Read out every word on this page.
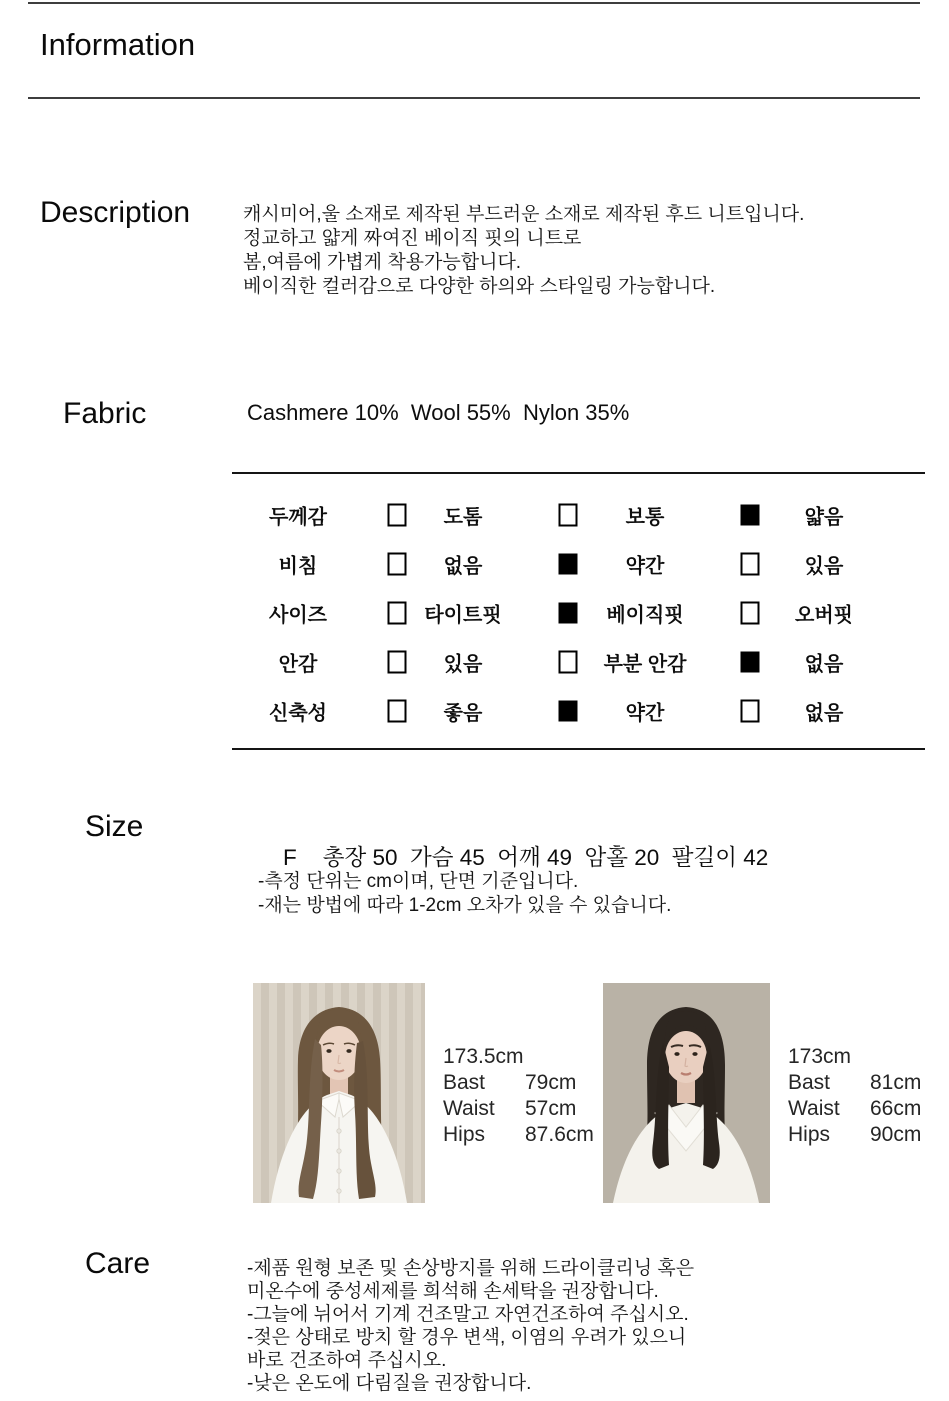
Information
Description	캐시미어,울 소재로 제작된 부드러운 소재로 제작된 후드 니트입니다.

정교하고 얇게 짜여진 베이직 핏의 니트로

봄,여름에 가볍게 착용가능합니다.

베이직한 컬러감으로 다양한 하의와 스타일링 가능합니다.

Fabric	Cashmere 10%  Wool 55%  Nylon 35%
두께감	도톰	보통	얇음
비침	없음	약간	있음
사이즈	타이트핏	베이직핏	오버핏
안감	있음	부분 안감	없음
신축성	좋음	약간	없음
Size

F 총장 50  가슴 45  어깨 49  암홀 20  팔길이 42

-측정 단위는 cm이며, 단면 기준입니다.

-재는 방법에 따라 1-2cm 오차가 있을 수 있습니다.

173.5cm

Bast	79cm

Waist	57cm

Hips	87.6cm

173cm

Bast	81cm

Waist	66cm

Hips	90cm

Care	-제품 원형 보존 및 손상방지를 위해 드라이클리닝 혹은

미온수에 중성세제를 희석해 손세탁을 권장합니다.

-그늘에 뉘어서 기계 건조말고 자연건조하여 주십시오.

-젖은 상태로 방치 할 경우 변색, 이염의 우려가 있으니

바로 건조하여 주십시오.

-낮은 온도에 다림질을 권장합니다.
